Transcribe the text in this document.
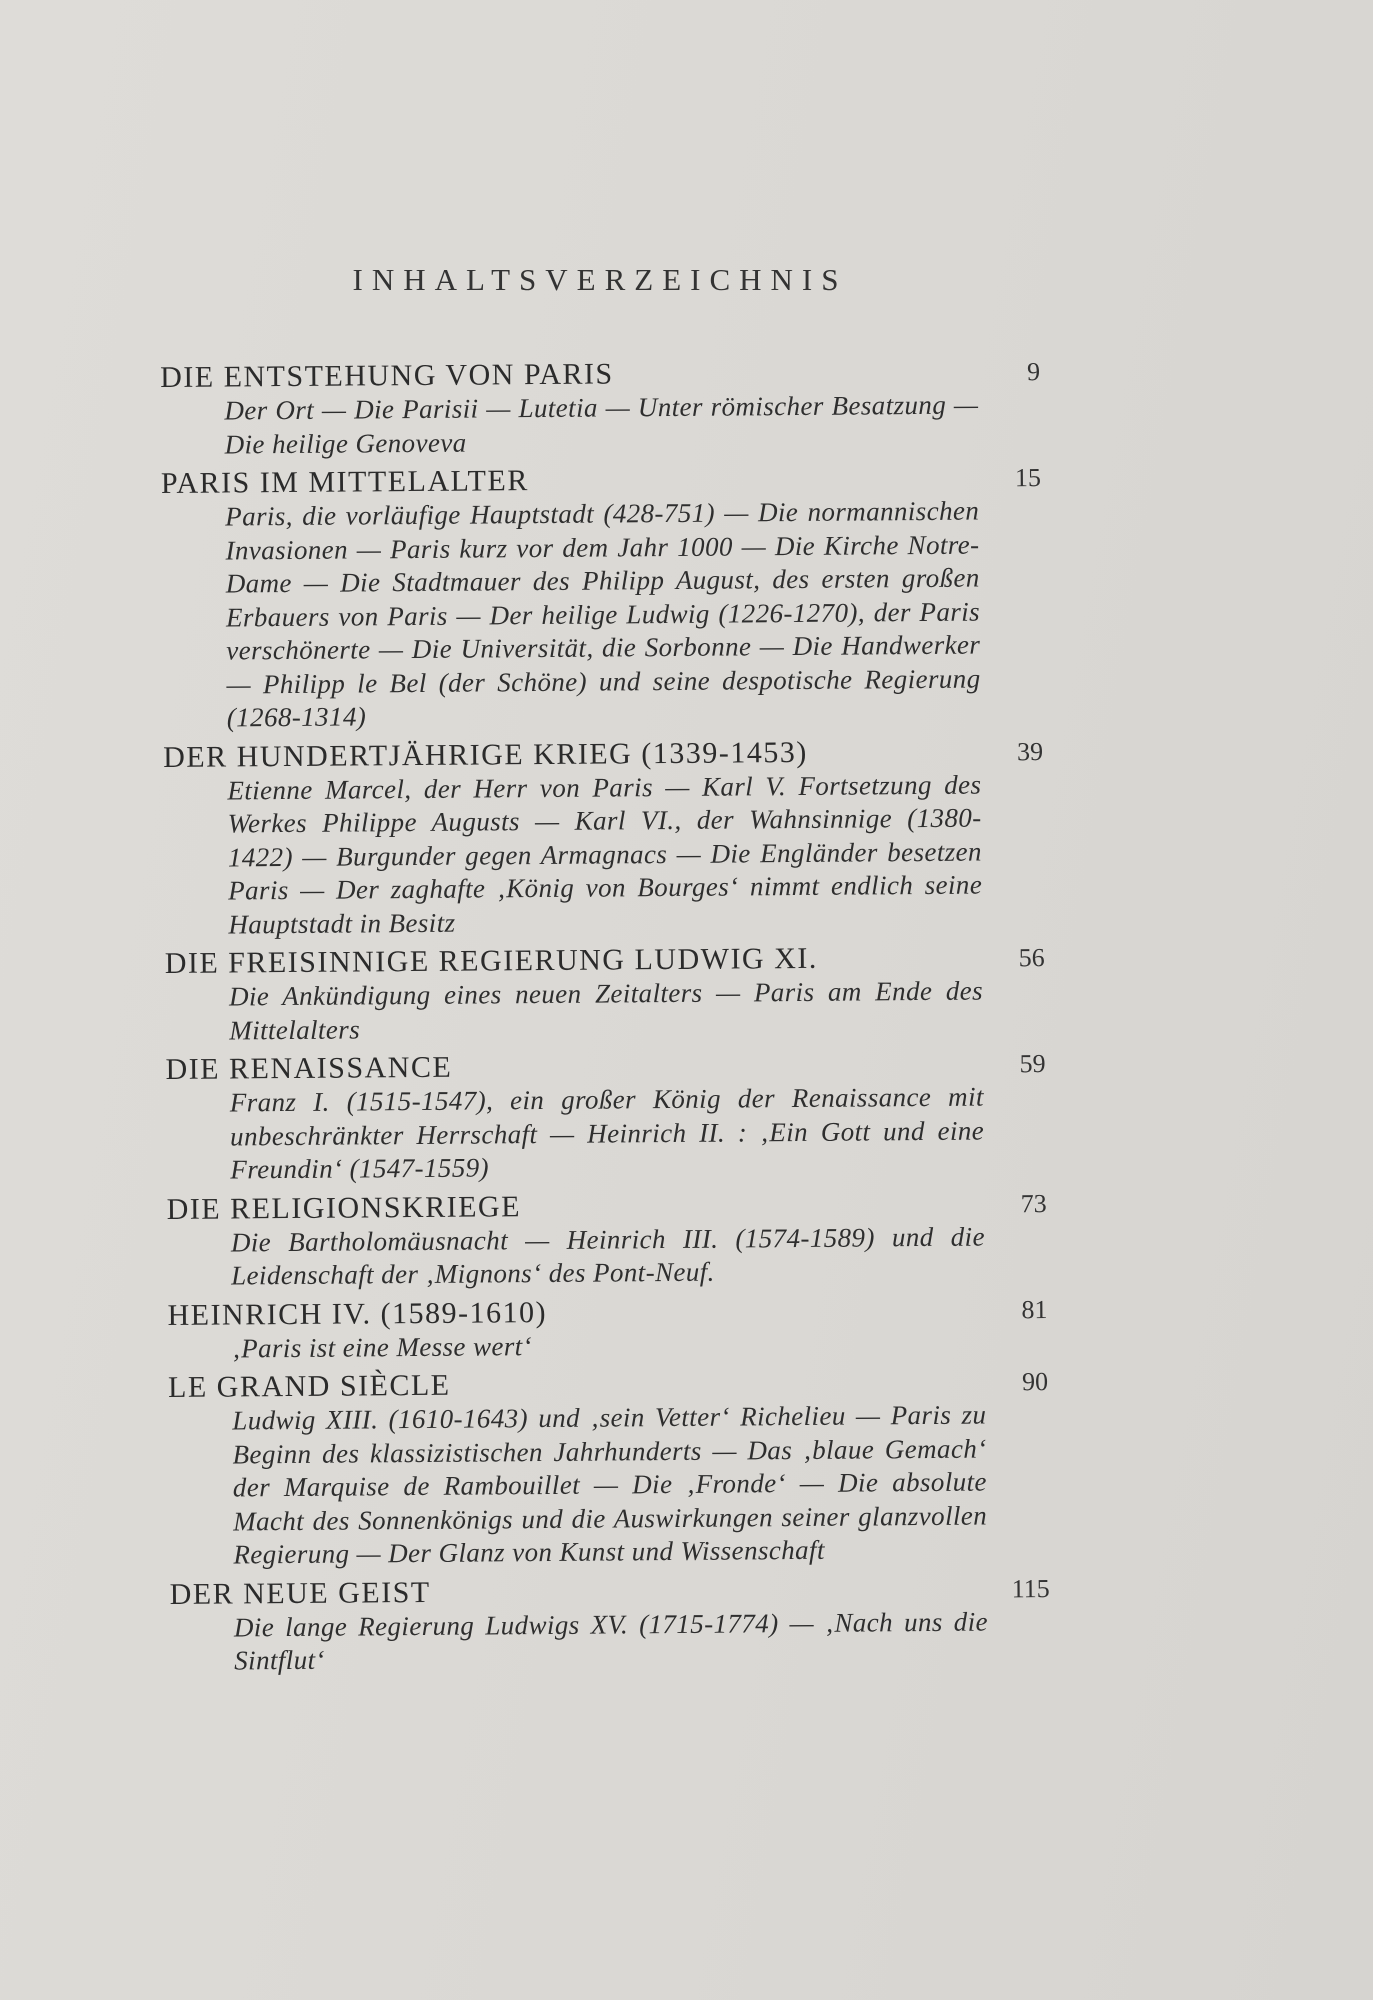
INHALTSVERZEICHNIS
DIE ENTSTEHUNG VON PARIS	9
Der Ort — Die Parisii — Lutetia — Unter römischer Besatzung — Die heilige Genoveva
PARIS IM MITTELALTER	15
Paris, die vorläufige Hauptstadt (428-751) — Die normannischen Invasionen — Paris kurz vor dem Jahr 1000 — Die Kirche Notre-Dame — Die Stadtmauer des Philipp August, des ersten großen Erbauers von Paris — Der heilige Ludwig (1226-1270), der Paris verschönerte — Die Universität, die Sorbonne — Die Handwerker — Philipp le Bel (der Schöne) und seine despotische Regierung (1268-1314)
DER HUNDERTJÄHRIGE KRIEG (1339-1453)	39
Etienne Marcel, der Herr von Paris — Karl V. Fortsetzung des Werkes Philippe Augusts — Karl VI., der Wahnsinnige (1380-1422) — Burgunder gegen Armagnacs — Die Engländer besetzen Paris — Der zaghafte ‚König von Bourges‘ nimmt endlich seine Hauptstadt in Besitz
DIE FREISINNIGE REGIERUNG LUDWIG XI.	56
Die Ankündigung eines neuen Zeitalters — Paris am Ende des Mittelalters
DIE RENAISSANCE	59
Franz I. (1515-1547), ein großer König der Renaissance mit unbeschränkter Herrschaft — Heinrich II. : ‚Ein Gott und eine Freundin‘ (1547-1559)
DIE RELIGIONSKRIEGE	73
Die Bartholomäusnacht — Heinrich III. (1574-1589) und die Leidenschaft der ‚Mignons‘ des Pont-Neuf.
HEINRICH IV. (1589-1610)	81
‚Paris ist eine Messe wert‘
LE GRAND SIÈCLE	90
Ludwig XIII. (1610-1643) und ‚sein Vetter‘ Richelieu — Paris zu Beginn des klassizistischen Jahrhunderts — Das ‚blaue Gemach‘ der Marquise de Rambouillet — Die ‚Fronde‘ — Die absolute Macht des Sonnenkönigs und die Auswirkungen seiner glanzvollen Regierung — Der Glanz von Kunst und Wissenschaft
DER NEUE GEIST	115
Die lange Regierung Ludwigs XV. (1715-1774) — ‚Nach uns die Sintflut‘
